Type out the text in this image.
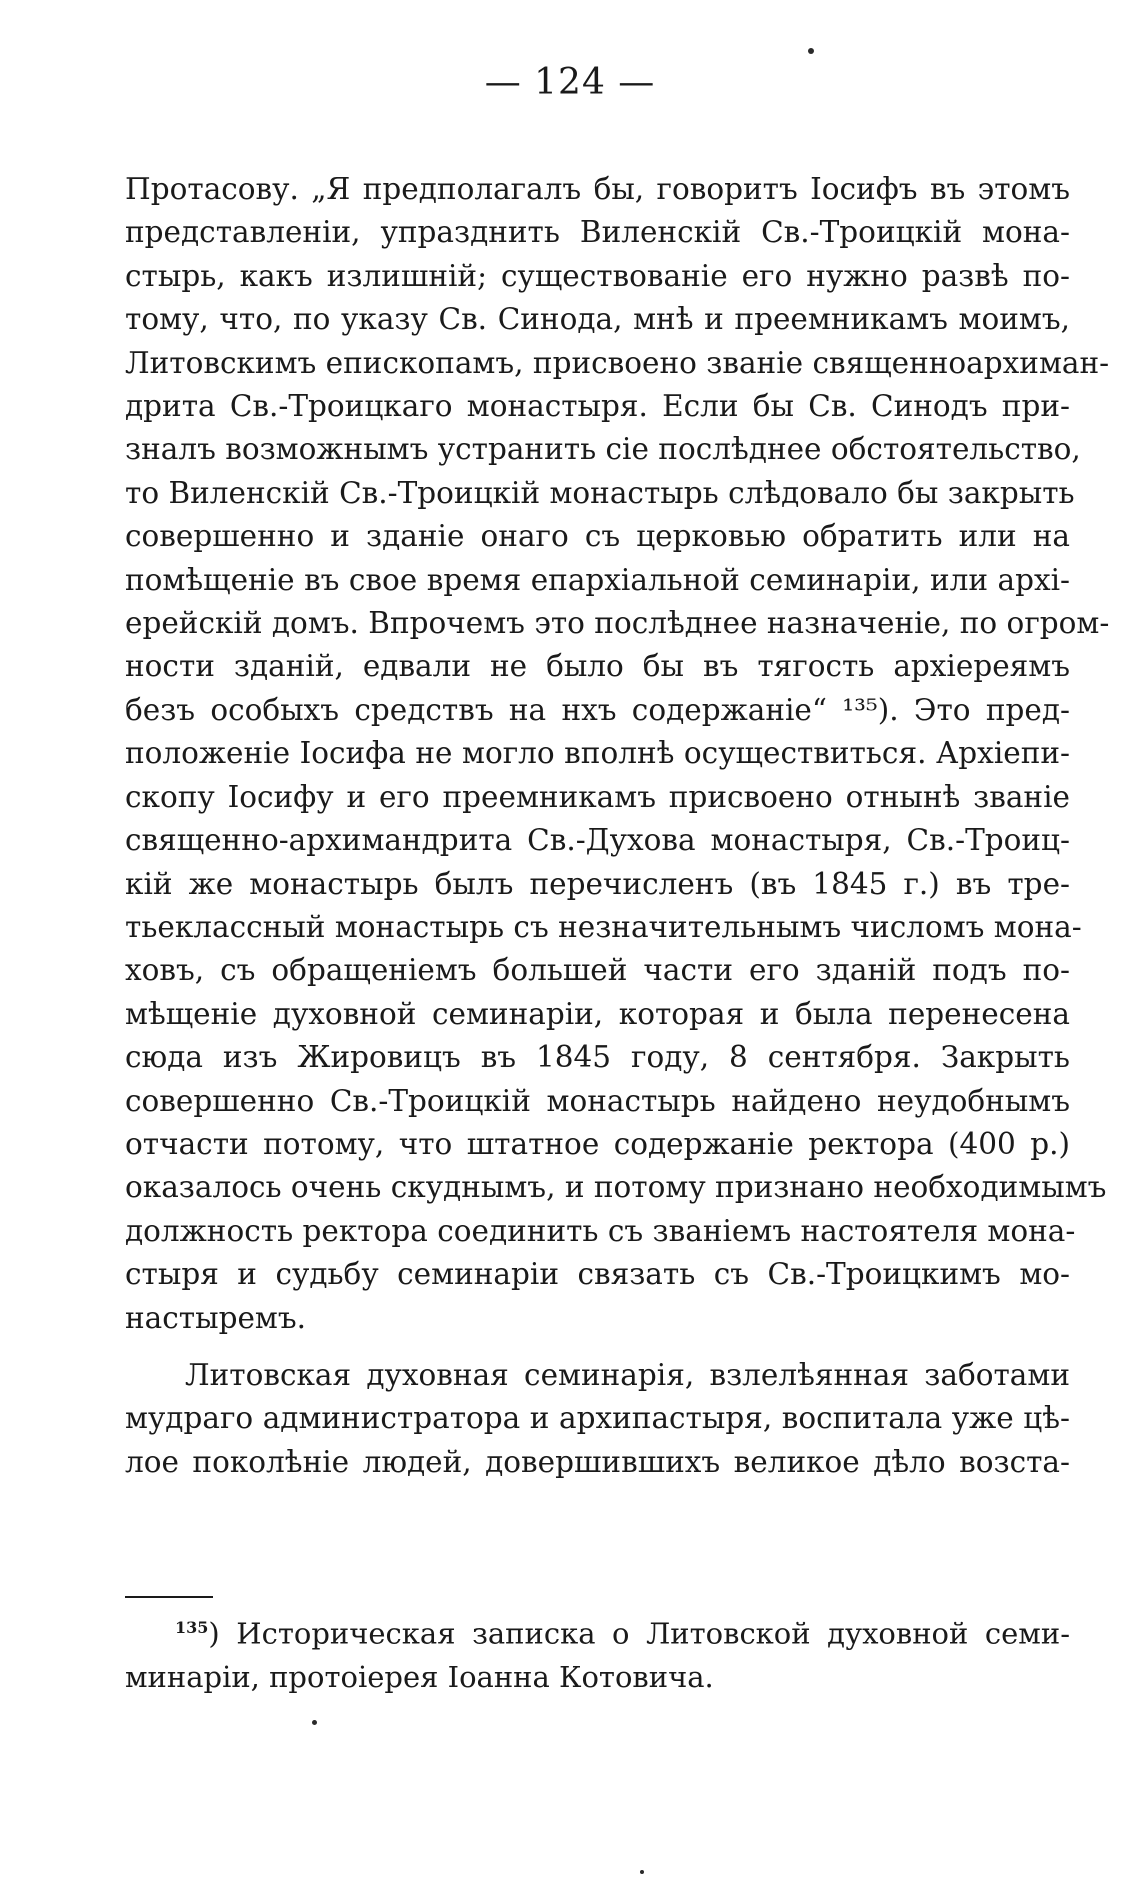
— 124 —
Протасову. „Я предполагалъ бы, говоритъ Іосифъ въ этомъ
представленіи, упразднить Виленскій Св.-Троицкій мона-
стырь, какъ излишній; существованіе его нужно развѣ по-
тому, что, по указу Св. Синода, мнѣ и преемникамъ моимъ,
Литовскимъ епископамъ, присвоено званіе священноархиман-
дрита Св.-Троицкаго монастыря. Если бы Св. Синодъ при-
зналъ возможнымъ устранить сіе послѣднее обстоятельство,
то Виленскій Св.-Троицкій монастырь слѣдовало бы закрыть
совершенно и зданіе онаго съ церковью обратить или на
помѣщеніе въ свое время епархіальной семинаріи, или архі-
ерейскій домъ. Впрочемъ это послѣднее назначеніе, по огром-
ности зданій, едвали не было бы въ тягость архіереямъ
безъ особыхъ средствъ на нхъ содержаніе“ ¹³⁵). Это пред-
положеніе Іосифа не могло вполнѣ осуществиться. Архіепи-
скопу Іосифу и его преемникамъ присвоено отнынѣ званіе
священно-архимандрита Св.-Духова монастыря, Св.-Троиц-
кій же монастырь былъ перечисленъ (въ 1845 г.) въ тре-
тьеклассный монастырь съ незначительнымъ числомъ мона-
ховъ, съ обращеніемъ большей части его зданій подъ по-
мѣщеніе духовной семинаріи, которая и была перенесена
сюда изъ Жировицъ въ 1845 году, 8 сентября. Закрыть
совершенно Св.-Троицкій монастырь найдено неудобнымъ
отчасти потому, что штатное содержаніе ректора (400 р.)
оказалось очень скуднымъ, и потому признано необходимымъ
должность ректора соединить съ званіемъ настоятеля мона-
стыря и судьбу семинаріи связать съ Св.-Троицкимъ мо-
настыремъ.
Литовская духовная семинарія, взлелѣянная заботами
мудраго администратора и архипастыря, воспитала уже цѣ-
лое поколѣніе людей, довершившихъ великое дѣло возста-
$^{135}$) Историческая записка о Литовской духовной семи-
минаріи, протоіерея Іоанна Котовича.
